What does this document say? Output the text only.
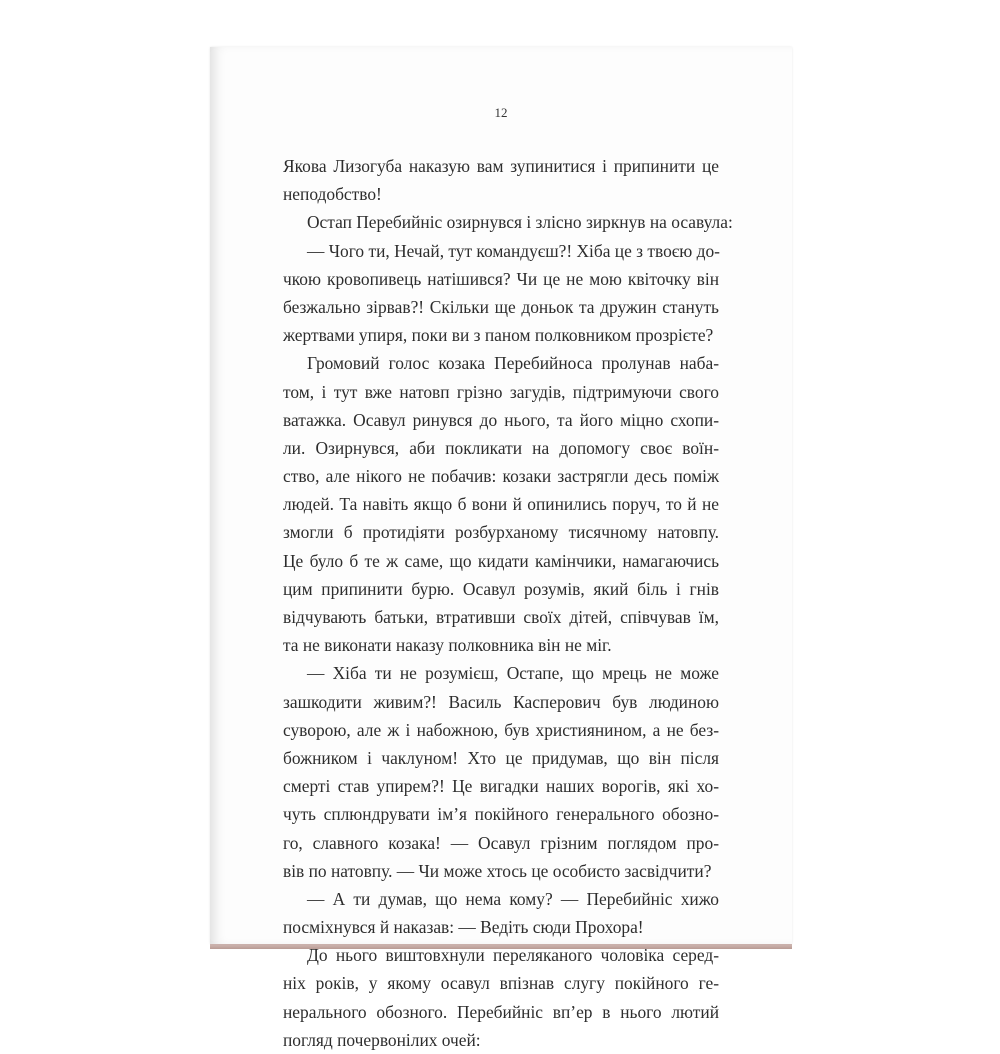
12
Якова Лизогуба наказую вам зупинитися і припинити це
неподобство!
Остап Перебийніс озирнувся і злісно зиркнув на осавула:
— Чого ти, Нечай, тут командуєш?! Хіба це з твоєю до-
чкою кровопивець натішився? Чи це не мою квіточку він
безжально зірвав?! Скільки ще доньок та дружин стануть
жертвами упиря, поки ви з паном полковником прозрієте?
Громовий голос козака Перебийноса пролунав наба-
том, і тут вже натовп грізно загудів, підтримуючи свого
ватажка. Осавул ринувся до нього, та його міцно схопи-
ли. Озирнувся, аби покликати на допомогу своє воїн-
ство, але нікого не побачив: козаки застрягли десь поміж
людей. Та навіть якщо б вони й опинились поруч, то й не
змогли б протидіяти розбурханому тисячному натовпу.
Це було б те ж саме, що кидати камінчики, намагаючись
цим припинити бурю. Осавул розумів, який біль і гнів
відчувають батьки, втративши своїх дітей, співчував їм,
та не виконати наказу полковника він не міг.
— Хіба ти не розумієш, Остапе, що мрець не може
зашкодити живим?! Василь Касперович був людиною
суворою, але ж і набожною, був християнином, а не без-
божником і чаклуном! Хто це придумав, що він після
смерті став упирем?! Це вигадки наших ворогів, які хо-
чуть сплюндрувати ім’я покійного генерального обозно-
го, славного козака! — Осавул грізним поглядом про-
вів по натовпу. — Чи може хтось це особисто засвідчити?
— А ти думав, що нема кому? — Перебийніс хижо
посміхнувся й наказав: — Ведіть сюди Прохора!
До нього виштовхнули переляканого чоловіка серед-
ніх років, у якому осавул впізнав слугу покійного ге-
нерального обозного. Перебийніс вп’ер в нього лютий
погляд почервонілих очей:
